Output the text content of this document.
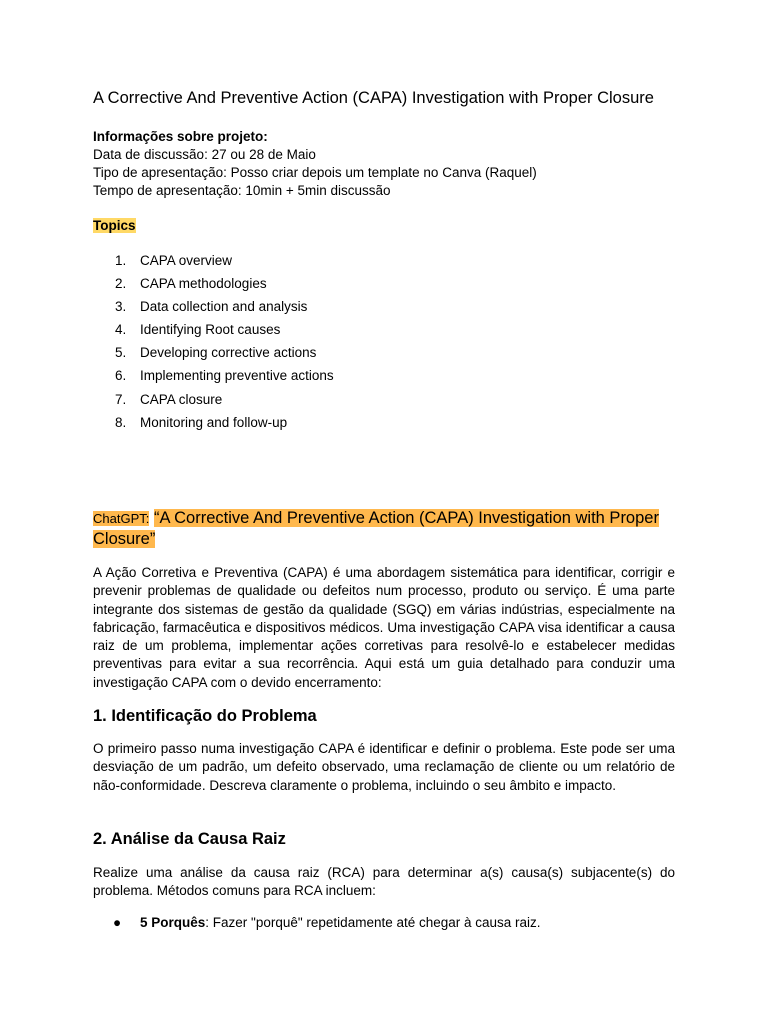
A Corrective And Preventive Action (CAPA) Investigation with Proper Closure
Informações sobre projeto:
Data de discussão: 27 ou 28 de Maio
Tipo de apresentação: Posso criar depois um template no Canva (Raquel)
Tempo de apresentação: 10min + 5min discussão
Topics
1. CAPA overview
2. CAPA methodologies
3. Data collection and analysis
4. Identifying Root causes
5. Developing corrective actions
6. Implementing preventive actions
7. CAPA closure
8. Monitoring and follow-up
ChatGPT: “A Corrective And Preventive Action (CAPA) Investigation with Proper Closure”
A Ação Corretiva e Preventiva (CAPA) é uma abordagem sistemática para identificar, corrigir e prevenir problemas de qualidade ou defeitos num processo, produto ou serviço. É uma parte integrante dos sistemas de gestão da qualidade (SGQ) em várias indústrias, especialmente na fabricação, farmacêutica e dispositivos médicos. Uma investigação CAPA visa identificar a causa raiz de um problema, implementar ações corretivas para resolvê-lo e estabelecer medidas preventivas para evitar a sua recorrência. Aqui está um guia detalhado para conduzir uma investigação CAPA com o devido encerramento:
1. Identificação do Problema
O primeiro passo numa investigação CAPA é identificar e definir o problema. Este pode ser uma desviação de um padrão, um defeito observado, uma reclamação de cliente ou um relatório de não-conformidade. Descreva claramente o problema, incluindo o seu âmbito e impacto.
2. Análise da Causa Raiz
Realize uma análise da causa raiz (RCA) para determinar a(s) causa(s) subjacente(s) do problema. Métodos comuns para RCA incluem:
● 5 Porquês: Fazer "porquê" repetidamente até chegar à causa raiz.
